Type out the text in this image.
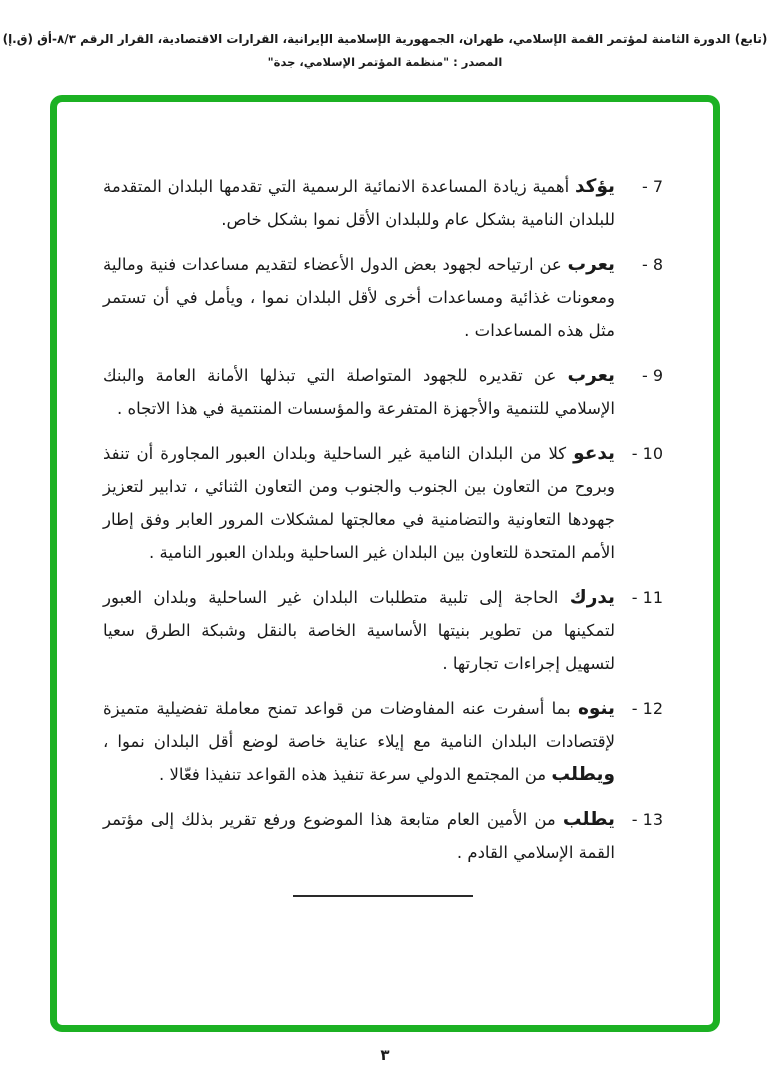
(تابع) الدورة الثامنة لمؤتمر القمة الإسلامي، طهران، الجمهورية الإسلامية الإيرانية، القرارات الاقتصادية، القرار الرقم ٨/٣-أق (ق.إ)
المصدر : "منظمة المؤتمر الإسلامي، جدة"
7 -
يؤكد أهمية زيادة المساعدة الانمائية الرسمية التي تقدمها البلدان المتقدمة للبلدان النامية بشكل عام وللبلدان الأقل نموا بشكل خاص.
8 -
يعرب عن ارتياحه لجهود بعض الدول الأعضاء لتقديم مساعدات فنية ومالية ومعونات غذائية ومساعدات أخرى لأقل البلدان نموا ، ويأمل في أن تستمر مثل هذه المساعدات .
9 -
يعرب عن تقديره للجهود المتواصلة التي تبذلها الأمانة العامة والبنك الإسلامي للتنمية والأجهزة المتفرعة والمؤسسات المنتمية في هذا الاتجاه .
10 -
يدعو كلا من البلدان النامية غير الساحلية وبلدان العبور المجاورة أن تنفذ وبروح من التعاون بين الجنوب والجنوب ومن التعاون الثنائي ، تدابير لتعزيز جهودها التعاونية والتضامنية في معالجتها لمشكلات المرور العابر وفق إطار الأمم المتحدة للتعاون بين البلدان غير الساحلية وبلدان العبور النامية .
11 -
يدرك الحاجة إلى تلبية متطلبات البلدان غير الساحلية وبلدان العبور لتمكينها من تطوير بنيتها الأساسية الخاصة بالنقل وشبكة الطرق سعيا لتسهيل إجراءات تجارتها .
12 -
ينوه بما أسفرت عنه المفاوضات من قواعد تمنح معاملة تفضيلية متميزة لإقتصادات البلدان النامية مع إيلاء عناية خاصة لوضع أقل البلدان نموا ، ويطلب من المجتمع الدولي سرعة تنفيذ هذه القواعد تنفيذا فعّالا .
13 -
يطلب من الأمين العام متابعة هذا الموضوع ورفع تقرير بذلك إلى مؤتمر القمة الإسلامي القادم .
٣
